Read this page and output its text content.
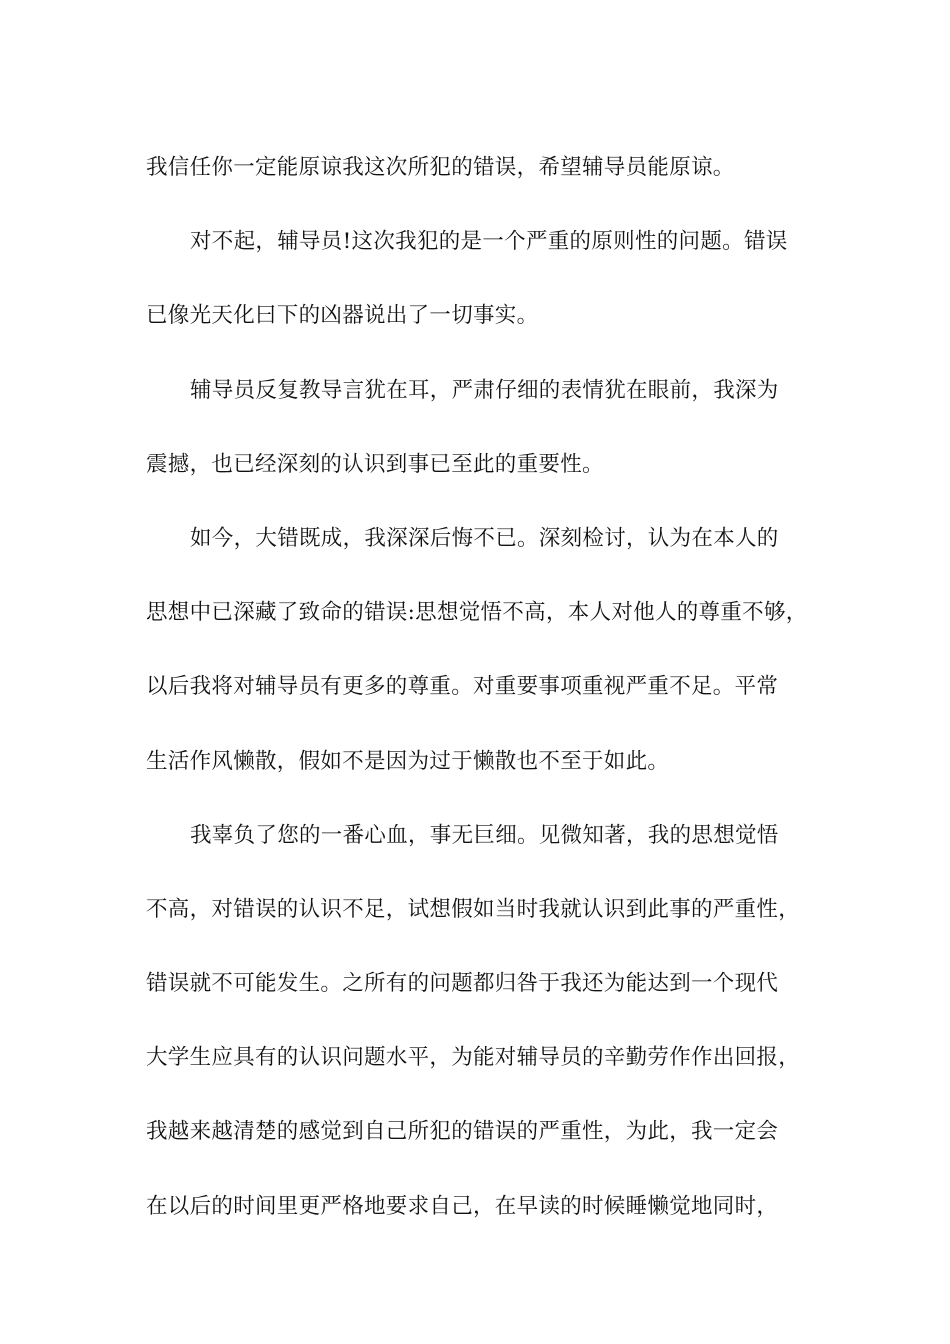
我信任你一定能原谅我这次所犯的错误，希望辅导员能原谅。
对不起，辅导员!这次我犯的是一个严重的原则性的问题。错误
已像光天化曰下的凶器说出了一切事实。
辅导员反复教导言犹在耳，严肃仔细的表情犹在眼前，我深为
震撼，也已经深刻的认识到事已至此的重要性。
如今，大错既成，我深深后悔不已。深刻检讨，认为在本人的
思想中已深藏了致命的错误:思想觉悟不高，本人对他人的尊重不够，
以后我将对辅导员有更多的尊重。对重要事项重视严重不足。平常
生活作风懒散，假如不是因为过于懒散也不至于如此。
我辜负了您的一番心血，事无巨细。见微知著，我的思想觉悟
不高，对错误的认识不足，试想假如当时我就认识到此事的严重性，
错误就不可能发生。之所有的问题都归咎于我还为能达到一个现代
大学生应具有的认识问题水平，为能对辅导员的辛勤劳作作出回报，
我越来越清楚的感觉到自己所犯的错误的严重性，为此，我一定会
在以后的时间里更严格地要求自己，在早读的时候睡懒觉地同时，
